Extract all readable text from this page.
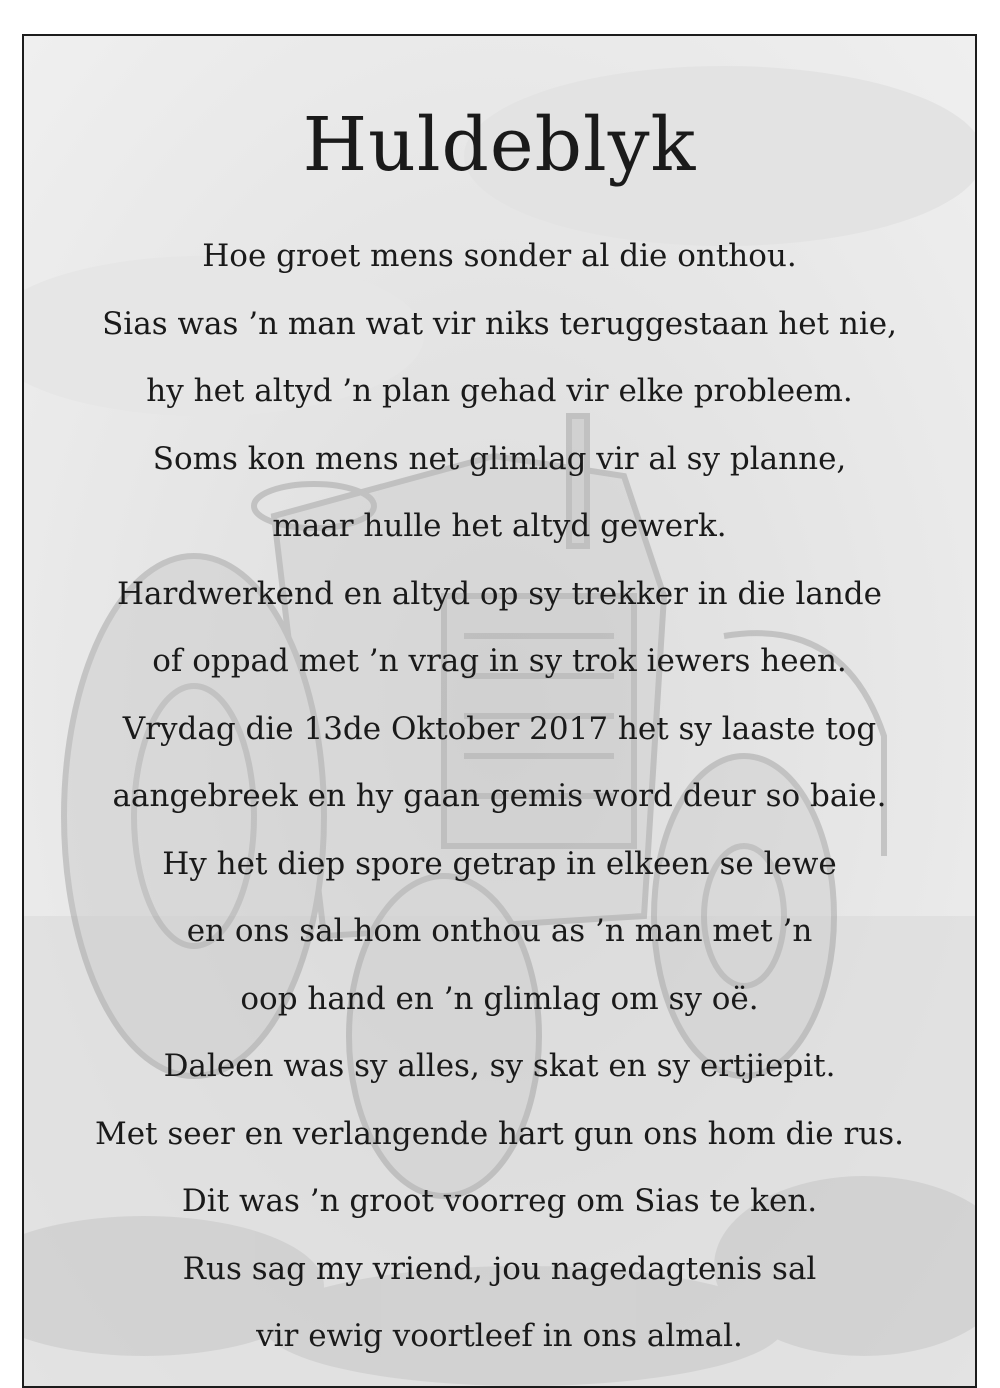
Huldeblyk
Hoe groet mens sonder al die onthou.
Sias was ’n man wat vir niks teruggestaan het nie,
hy het altyd ’n plan gehad vir elke probleem.
Soms kon mens net glimlag vir al sy planne,
maar hulle het altyd gewerk.
Hardwerkend en altyd op sy trekker in die lande
of oppad met ’n vrag in sy trok iewers heen.
Vrydag die 13de Oktober 2017 het sy laaste tog
aangebreek en hy gaan gemis word deur so baie.
Hy het diep spore getrap in elkeen se lewe
en ons sal hom onthou as ’n man met ’n
oop hand en ’n glimlag om sy oë.
Daleen was sy alles, sy skat en sy ertjiepit.
Met seer en verlangende hart gun ons hom die rus.
Dit was ’n groot voorreg om Sias te ken.
Rus sag my vriend, jou nagedagtenis sal
vir ewig voortleef in ons almal.
